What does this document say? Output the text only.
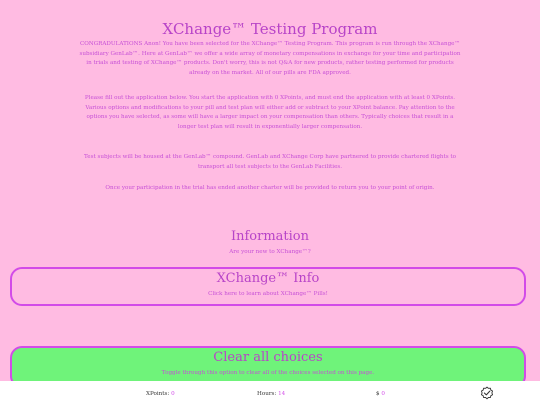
XChange™ Testing Program

CONGRADULATIONS Anon! You have been selected for the XChange™ Testing Program. This program is run through the XChange™ subsidiary GenLab™. Here at GenLab™ we offer a wide array of monetary compensations in exchange for your time and participation in trials and testing of XChange™ products. Don't worry, this is not Q&A for new products, rather testing performed for products already on the market. All of our pills are FDA approved.

Please fill out the application below. You start the application with 0 XPoints, and must end the application with at least 0 XPoints. Various options and modifications to your pill and test plan will either add or subtract to your XPoint balance. Pay attention to the options you have selected, as some will have a larger impact on your compensation than others. Typically choices that result in a longer test plan will result in exponentially larger compensation.

Test subjects will be housed at the GenLab™ compound. GenLab and XChange Corp have partnered to provide chartered flights to transport all test subjects to the GenLab Facilities.

Once your participation in the trial has ended another charter will be provided to return you to your point of origin.

Information

Are your new to XChange™?

XChange™ Info
Click here to learn about XChange™ Pills!
Clear all choices
Toggle through this option to clear all of the choices selected on this page.
XPoints: 0	Hours: 14	$ 0
